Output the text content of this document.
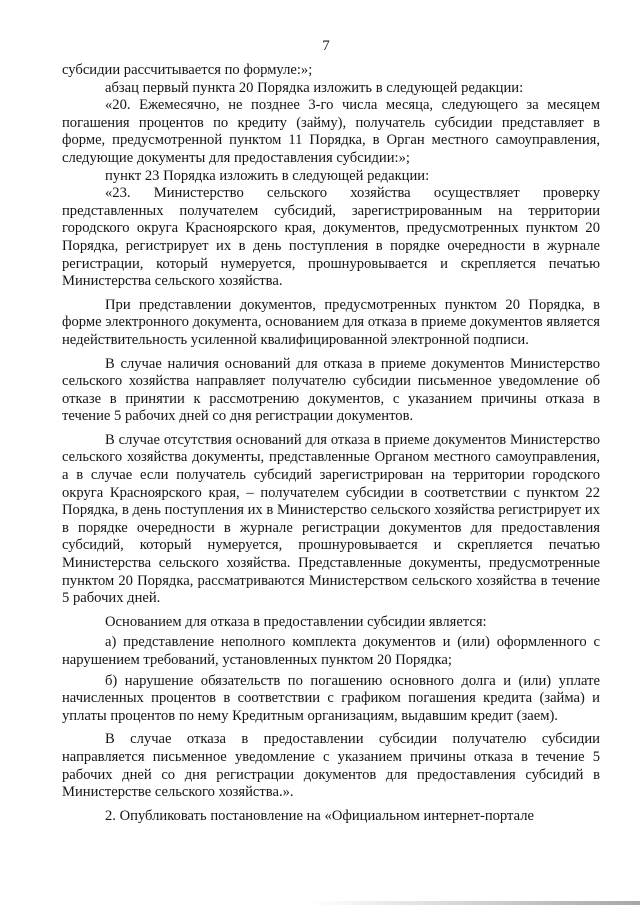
7

субсидии рассчитывается по формуле:»;

абзац первый пункта 20 Порядка изложить в следующей редакции:

«20. Ежемесячно, не позднее 3-го числа месяца, следующего за месяцем погашения процентов по кредиту (займу), получатель субсидии представляет в форме, предусмотренной пунктом 11 Порядка, в Орган местного самоуправления, следующие документы для предоставления субсидии:»;

пункт 23 Порядка изложить в следующей редакции:

«23. Министерство сельского хозяйства осуществляет проверку представленных получателем субсидий, зарегистрированным на территории городского округа Красноярского края, документов, предусмотренных пунктом 20 Порядка, регистрирует их в день поступления в порядке очередности в журнале регистрации, который нумеруется, прошнуровывается и скрепляется печатью Министерства сельского хозяйства.

При представлении документов, предусмотренных пунктом 20 Порядка, в форме электронного документа, основанием для отказа в приеме документов является недействительность усиленной квалифицированной электронной подписи.

В случае наличия оснований для отказа в приеме документов Министерство сельского хозяйства направляет получателю субсидии письменное уведомление об отказе в принятии к рассмотрению документов, с указанием причины отказа в течение 5 рабочих дней со дня регистрации документов.

В случае отсутствия оснований для отказа в приеме документов Министерство сельского хозяйства документы, представленные Органом местного самоуправления, а в случае если получатель субсидий зарегистрирован на территории городского округа Красноярского края, – получателем субсидии в соответствии с пунктом 22 Порядка, в день поступления их в Министерство сельского хозяйства регистрирует их в порядке очередности в журнале регистрации документов для предоставления субсидий, который нумеруется, прошнуровывается и скрепляется печатью Министерства сельского хозяйства. Представленные документы, предусмотренные пунктом 20 Порядка, рассматриваются Министерством сельского хозяйства в течение 5 рабочих дней.

Основанием для отказа в предоставлении субсидии является:

а) представление неполного комплекта документов и (или) оформленного с нарушением требований, установленных пунктом 20 Порядка;

б) нарушение обязательств по погашению основного долга и (или) уплате начисленных процентов в соответствии с графиком погашения кредита (займа) и уплаты процентов по нему Кредитным организациям, выдавшим кредит (заем).

В случае отказа в предоставлении субсидии получателю субсидии направляется письменное уведомление с указанием причины отказа в течение 5 рабочих дней со дня регистрации документов для предоставления субсидий в Министерстве сельского хозяйства.».

2. Опубликовать постановление на «Официальном интернет-портале
